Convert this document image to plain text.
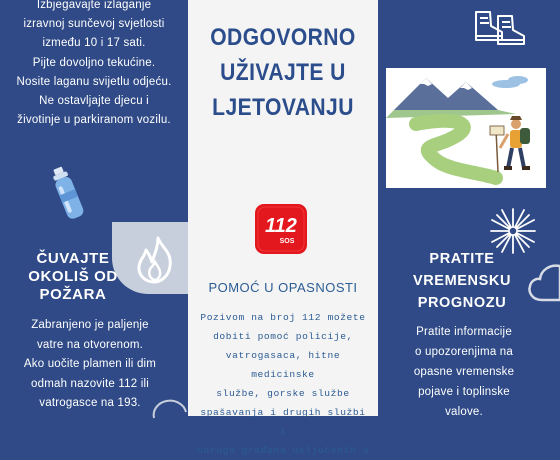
Izbjegavajte izlaganje
izravnoj sunčevoj svjetlosti
između 10 i 17 sati.
Pijte dovoljno tekućine.
Nosite laganu svijetlu odjeću.
Ne ostavljajte djecu i
životinje u parkiranom vozilu.
ČUVAJTE
OKOLIŠ OD
POŽARA
Zabranjeno je paljenje
vatre na otvorenom.
Ako uočite plamen ili dim
odmah nazovite 112 ili
vatrogasce na 193.
ODGOVORNO
UŽIVAJTE U
LJETOVANJU
112
SOS
POMOĆ U OPASNOSTI
Pozivom na broj 112 možete
dobiti pomoć policije,
vatrogasaca, hitne medicinske
službe, gorske službe
spašavanja i drugih službi i
udruga građana uključenih u
PRATITE
VREMENSKU
PROGNOZU
Pratite informacije
o upozorenjima na
opasne vremenske
pojave i toplinske
valove.
